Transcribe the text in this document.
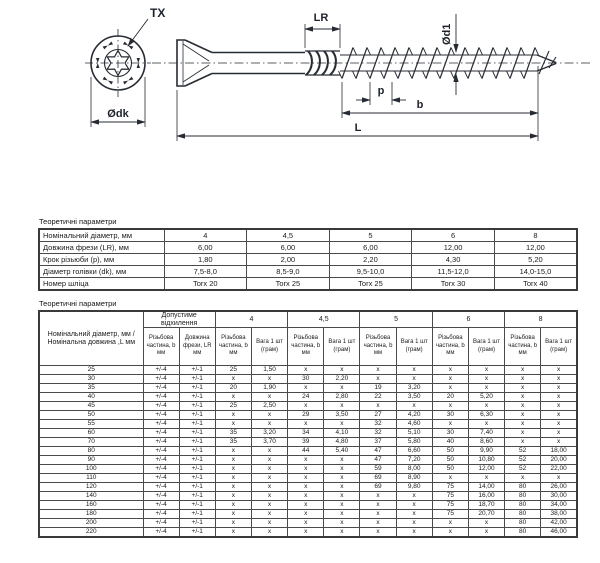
TX
Ødk
LR
Ød1
p
b
L
Теоретичні параметри
Номінальний діаметр, мм	4	4,5	5	6	8
Довжина фрези (LR), мм	6,00	6,00	6,00	12,00	12,00
Крок різьюби (p), мм	1,80	2,00	2,20	4,30	5,20
Діаметр голівки (dk), мм	7,5-8,0	8,5-9,0	9,5-10,0	11,5-12,0	14,0-15,0
Номер шліца	Torx 20	Torx 25	Torx 25	Torx 30	Torx 40
Теоретичні параметри
Номінальний діаметр, мм / Номінальна довжина ,L мм	Допустиме відхилення		4		4,5		5		6		8	
	Різьбова частина, b мм	Довжина фрези, LR мм	Різьбова частина, b мм	Вага 1 шт (грам)	Різьбова частина, b мм	Вага 1 шт (грам)	Різьбова частина, b мм	Вага 1 шт (грам)	Різьбова частина, b мм	Вага 1 шт (грам)	Різьбова частина, b мм	Вага 1 шт (грам)
25	+/-4	+/-1	25	1,50	x	x	x	x	x	x	x	x
30	+/-4	+/-1	x	x	30	2,20	x	x	x	x	x	x
35	+/-4	+/-1	20	1,90	x	x	19	3,20	x	x	x	x
40	+/-4	+/-1	x	x	24	2,80	22	3,50	20	5,20	x	x
45	+/-4	+/-1	25	2,50	x	x	x	x	x	x	x	x
50	+/-4	+/-1	x	x	29	3,50	27	4,20	30	6,30	x	x
55	+/-4	+/-1	x	x	x	x	32	4,60	x	x	x	x
60	+/-4	+/-1	35	3,20	34	4,10	32	5,10	30	7,40	x	x
70	+/-4	+/-1	35	3,70	39	4,80	37	5,80	40	8,60	x	x
80	+/-4	+/-1	x	x	44	5,40	47	6,60	50	9,90	52	18,00
90	+/-4	+/-1	x	x	x	x	47	7,20	50	10,80	52	20,00
100	+/-4	+/-1	x	x	x	x	59	8,00	50	12,00	52	22,00
110	+/-4	+/-1	x	x	x	x	69	8,90	x	x	x	x
120	+/-4	+/-1	x	x	x	x	69	9,80	75	14,00	80	26,00
140	+/-4	+/-1	x	x	x	x	x	x	75	16,00	80	30,00
160	+/-4	+/-1	x	x	x	x	x	x	75	18,70	80	34,00
180	+/-4	+/-1	x	x	x	x	x	x	75	20,70	80	38,00
200	+/-4	+/-1	x	x	x	x	x	x	x	x	80	42,00
220	+/-4	+/-1	x	x	x	x	x	x	x	x	80	46,00
